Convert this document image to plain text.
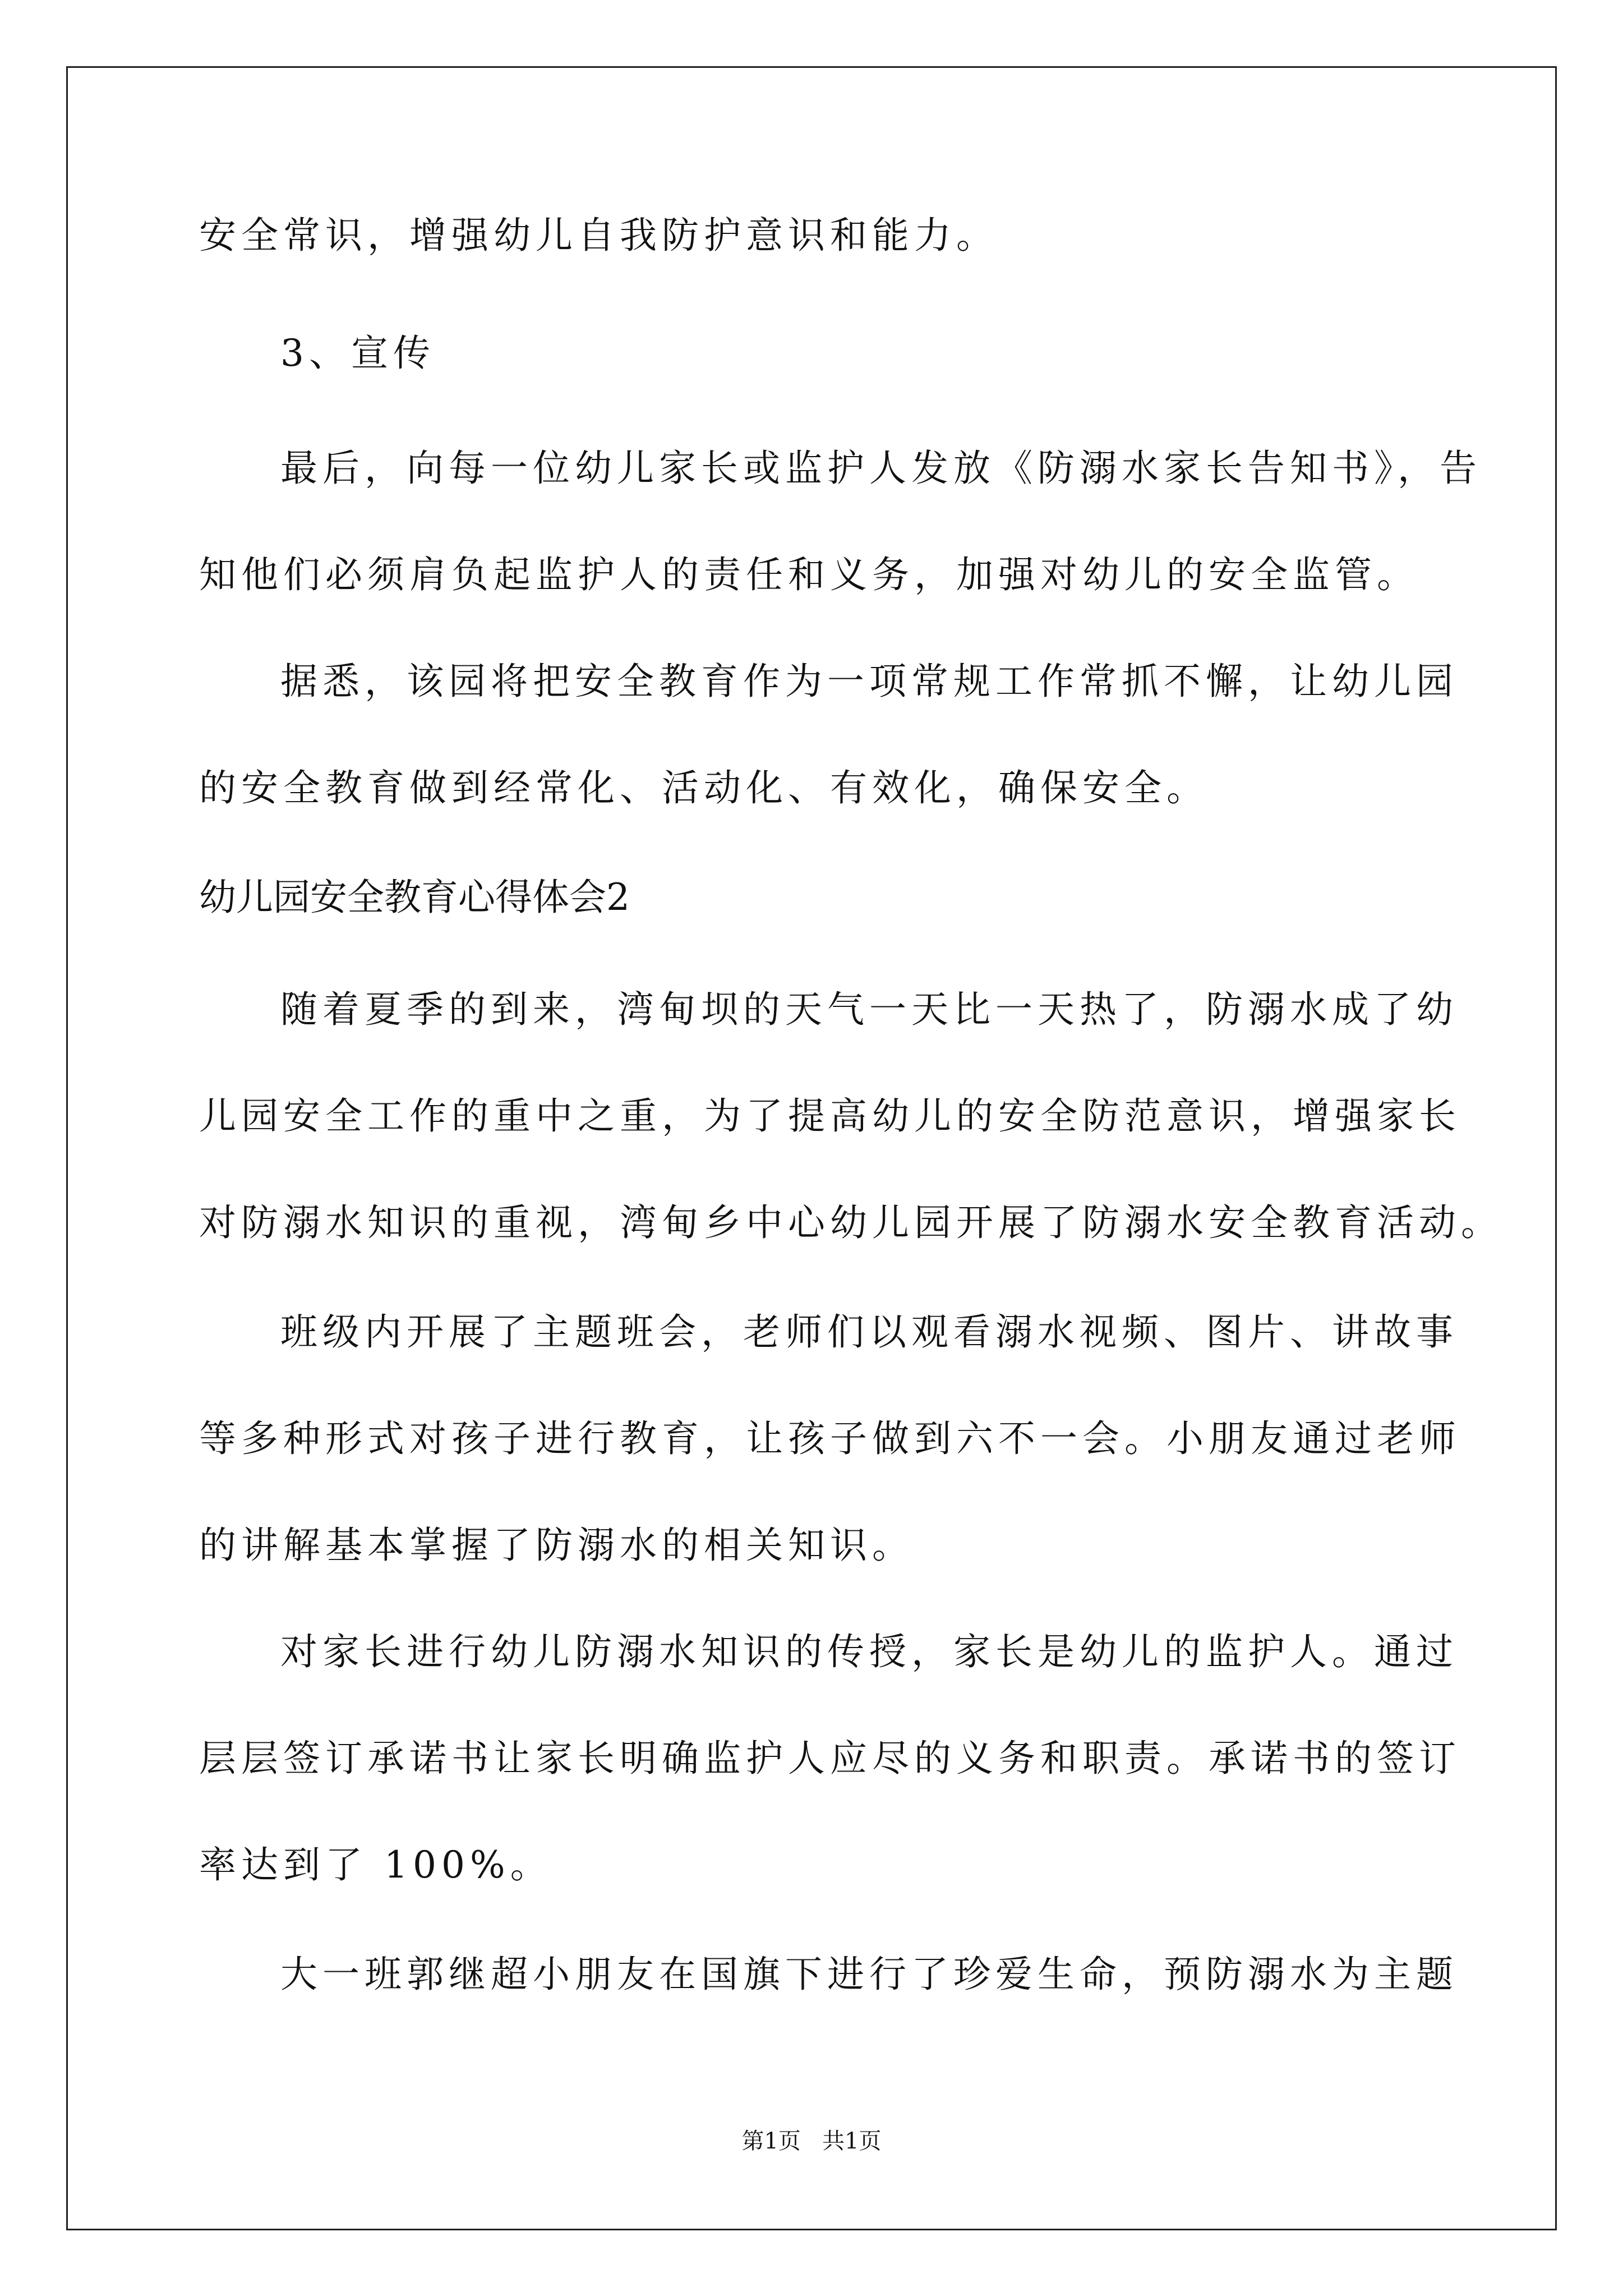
安全常识，增强幼儿自我防护意识和能力。
3、宣传
最后，向每一位幼儿家长或监护人发放《防溺水家长告知书》，告
知他们必须肩负起监护人的责任和义务，加强对幼儿的安全监管。
据悉，该园将把安全教育作为一项常规工作常抓不懈，让幼儿园
的安全教育做到经常化、活动化、有效化，确保安全。
幼儿园安全教育心得体会2
随着夏季的到来，湾甸坝的天气一天比一天热了，防溺水成了幼
儿园安全工作的重中之重，为了提高幼儿的安全防范意识，增强家长
对防溺水知识的重视，湾甸乡中心幼儿园开展了防溺水安全教育活动。
班级内开展了主题班会，老师们以观看溺水视频、图片、讲故事
等多种形式对孩子进行教育，让孩子做到六不一会。小朋友通过老师
的讲解基本掌握了防溺水的相关知识。
对家长进行幼儿防溺水知识的传授，家长是幼儿的监护人。通过
层层签订承诺书让家长明确监护人应尽的义务和职责。承诺书的签订
率达到了 100%。
大一班郭继超小朋友在国旗下进行了珍爱生命，预防溺水为主题
第1页   共1页
